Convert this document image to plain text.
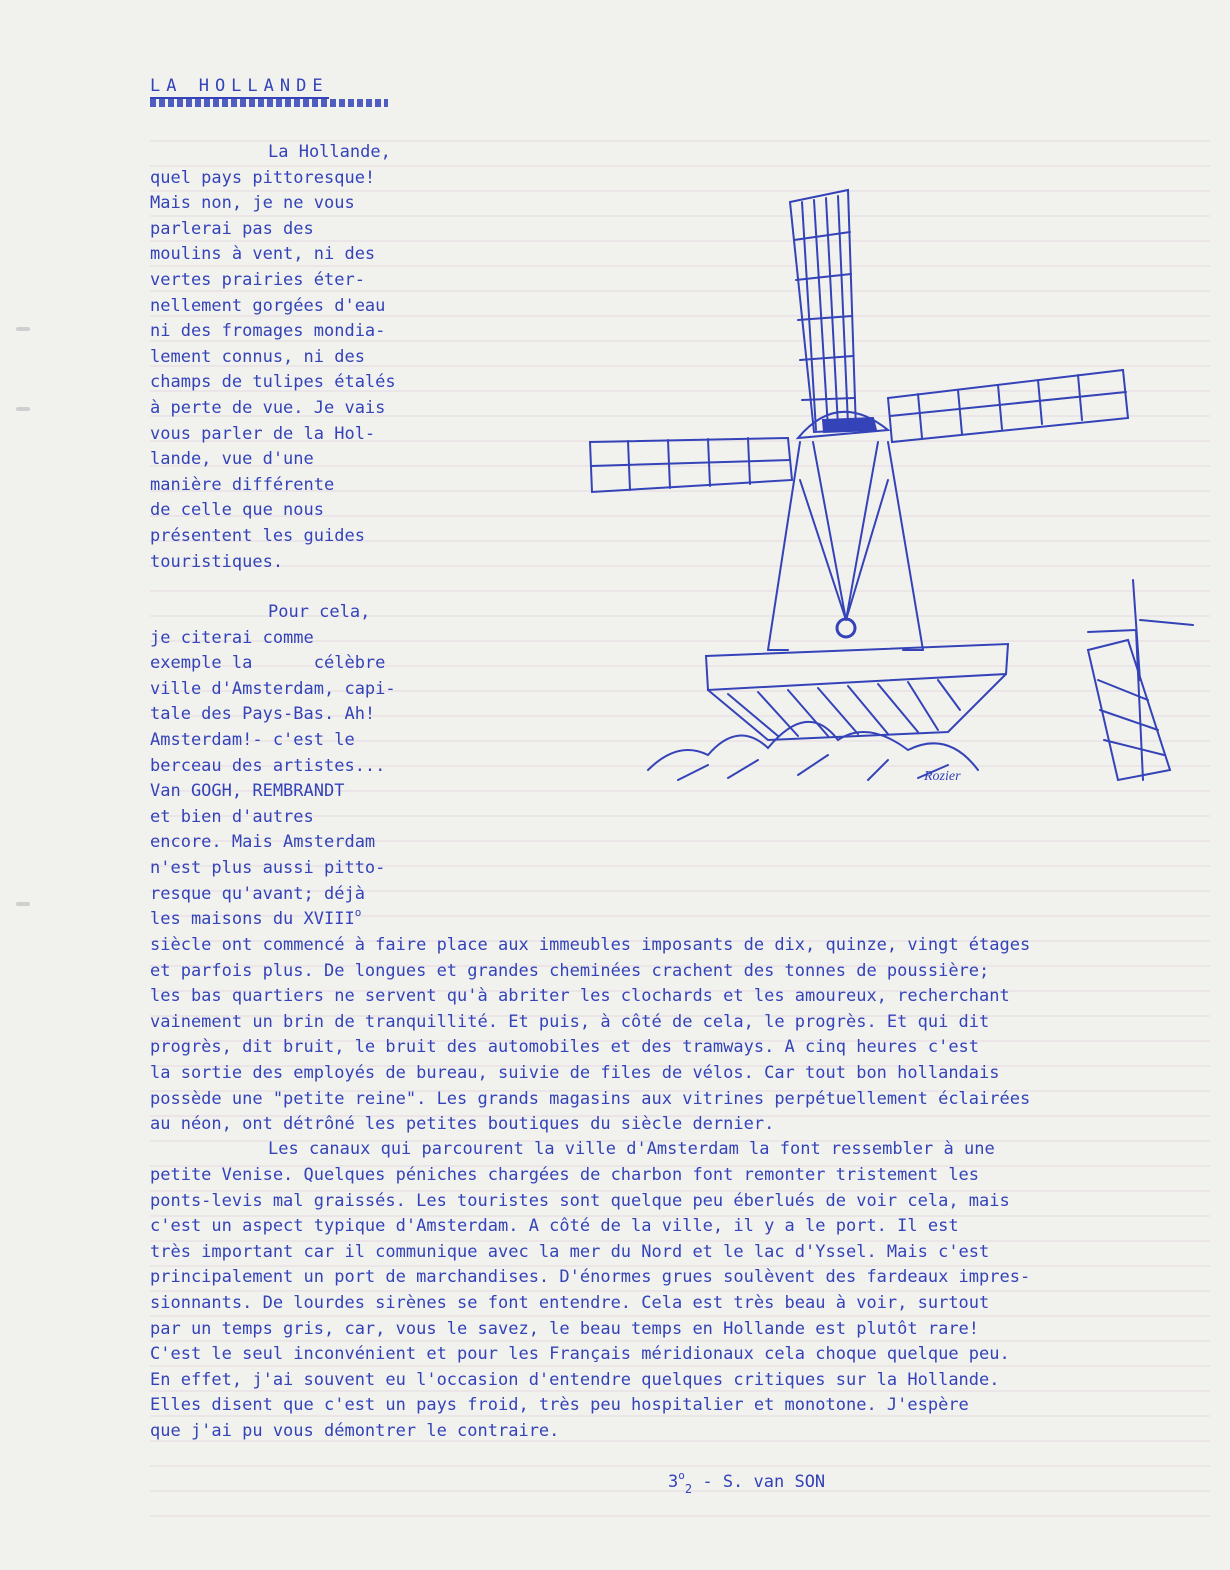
LA HOLLANDE
La Hollande,
quel pays pittoresque!
Mais non, je ne vous
parlerai pas des
moulins à vent, ni des
vertes prairies éter-
nellement gorgées d'eau
ni des fromages mondia-
lement connus, ni des
champs de tulipes étalés
à perte de vue. Je vais
vous parler de la Hol-
lande, vue d'une
manière différente
de celle que nous
présentent les guides
touristiques.
Pour cela,
je citerai comme
exemple la      célèbre
ville d'Amsterdam, capi-
tale des Pays-Bas. Ah!
Amsterdam!- c'est le
berceau des artistes...
Van GOGH, REMBRANDT
et bien d'autres
encore. Mais Amsterdam
n'est plus aussi pitto-
resque qu'avant; déjà
les maisons du XVIII$^o$
siècle ont commencé à faire place aux immeubles imposants de dix, quinze, vingt étages
et parfois plus. De longues et grandes cheminées crachent des tonnes de poussière;
les bas quartiers ne servent qu'à abriter les clochards et les amoureux, recherchant
vainement un brin de tranquillité. Et puis, à côté de cela, le progrès. Et qui dit
progrès, dit bruit, le bruit des automobiles et des tramways. A cinq heures c'est
la sortie des employés de bureau, suivie de files de vélos. Car tout bon hollandais
possède une "petite reine". Les grands magasins aux vitrines perpétuellement éclairées
au néon, ont détrôné les petites boutiques du siècle dernier.
Les canaux qui parcourent la ville d'Amsterdam la font ressembler à une
petite Venise. Quelques péniches chargées de charbon font remonter tristement les
ponts-levis mal graissés. Les touristes sont quelque peu éberlués de voir cela, mais
c'est un aspect typique d'Amsterdam. A côté de la ville, il y a le port. Il est
très important car il communique avec la mer du Nord et le lac d'Yssel. Mais c'est
principalement un port de marchandises. D'énormes grues soulèvent des fardeaux impres-
sionnants. De lourdes sirènes se font entendre. Cela est très beau à voir, surtout
par un temps gris, car, vous le savez, le beau temps en Hollande est plutôt rare!
C'est le seul inconvénient et pour les Français méridionaux cela choque quelque peu.
En effet, j'ai souvent eu l'occasion d'entendre quelques critiques sur la Hollande.
Elles disent que c'est un pays froid, très peu hospitalier et monotone. J'espère
que j'ai pu vous démontrer le contraire.
Rozier
$3^o_2$ - S. van SON
